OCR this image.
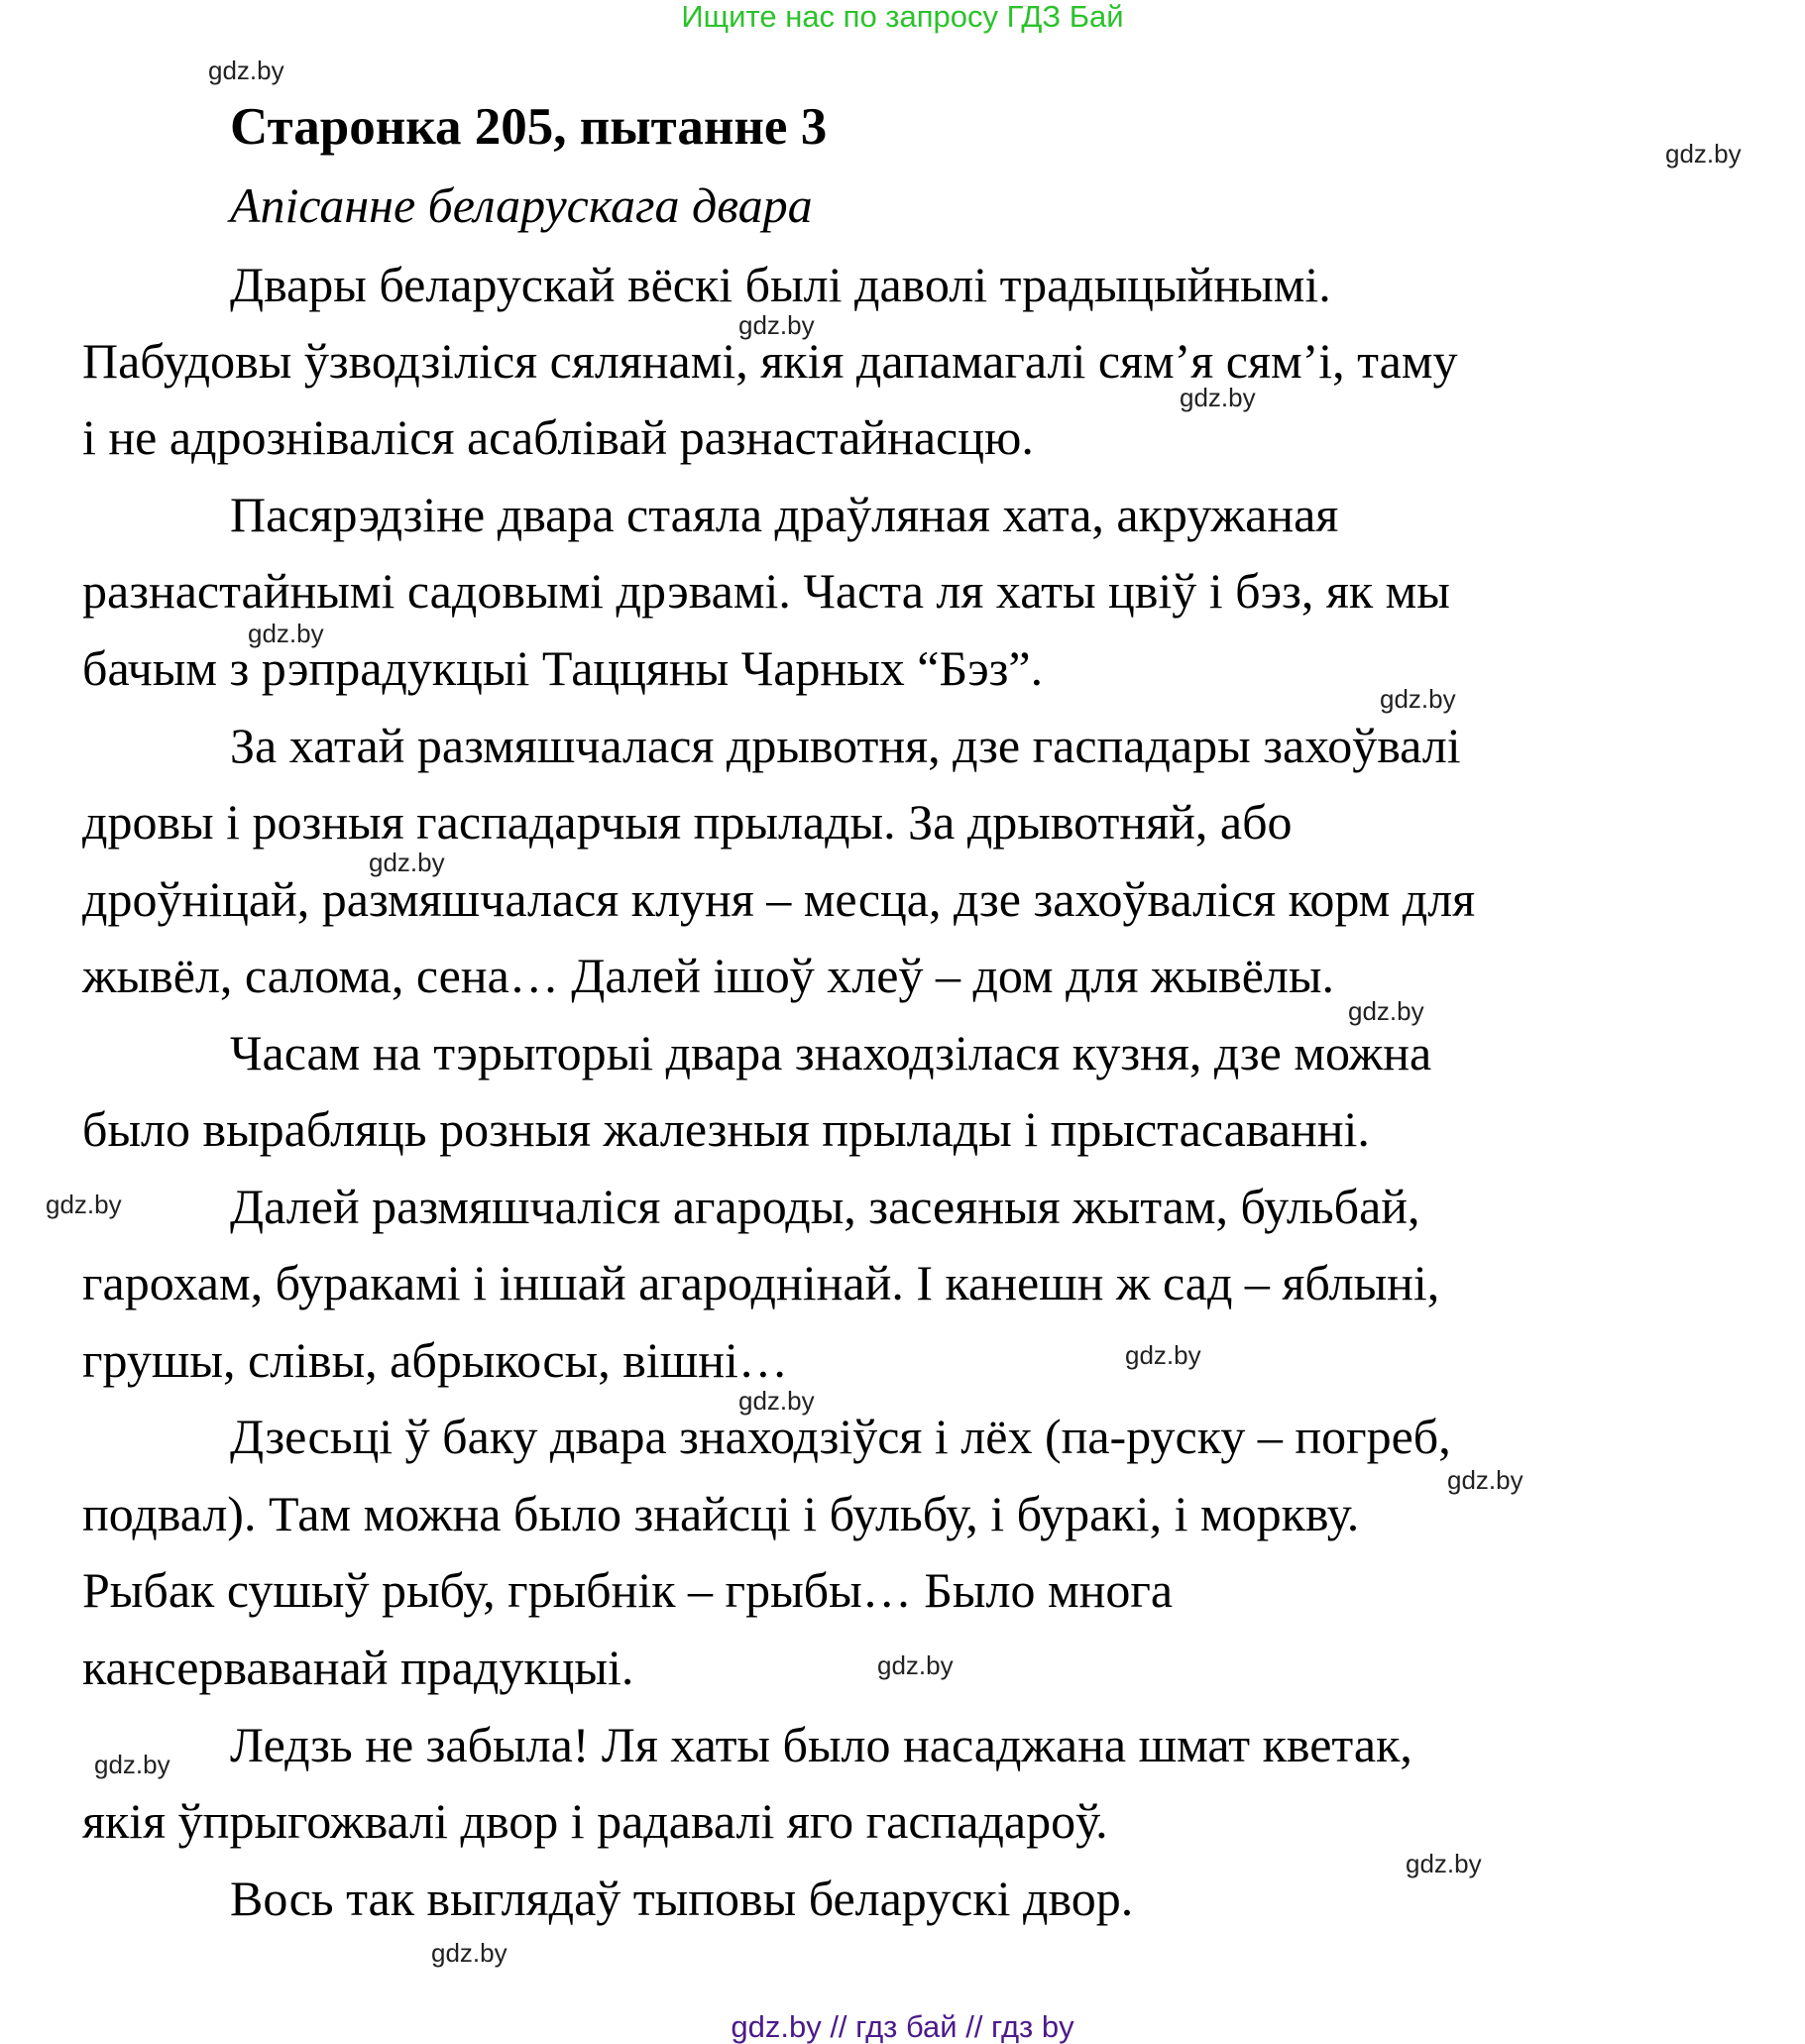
Ищите нас по запросу ГДЗ Бай
Старонка 205, пытанне 3
Апісанне беларускага двара
Двары беларускай вёскі былі даволі традыцыйнымі.
Пабудовы ўзводзіліся сялянамі, якія дапамагалі сям’я сям’і, таму
і не адрозніваліся асаблівай разнастайнасцю.
Пасярэдзіне двара стаяла драўляная хата, акружаная
разнастайнымі садовымі дрэвамі. Часта ля хаты цвіў і бэз, як мы
бачым з рэпрадукцыі Таццяны Чарных “Бэз”.
За хатай размяшчалася дрывотня, дзе гаспадары захоўвалі
дровы і розныя гаспадарчыя прылады. За дрывотняй, або
дроўніцай, размяшчалася клуня – месца, дзе захоўваліся корм для
жывёл, салома, сена… Далей ішоў хлеў – дом для жывёлы.
Часам на тэрыторыі двара знаходзілася кузня, дзе можна
было вырабляць розныя жалезныя прылады і прыстасаванні.
Далей размяшчаліся агароды, засеяныя жытам, бульбай,
гарохам, буракамі і іншай агароднінай. І канешн ж сад – яблыні,
грушы, слівы, абрыкосы, вішні…
Дзесьці ў баку двара знаходзіўся і лёх (па-руску – погреб,
подвал). Там можна было знайсці і бульбу, і буракі, і моркву.
Рыбак сушыў рыбу, грыбнік – грыбы… Было многа
кансерваванай прадукцыі.
Ледзь не забыла! Ля хаты было насаджана шмат кветак,
якія ўпрыгожвалі двор і радавалі яго гаспадароў.
Вось так выглядаў тыповы беларускі двор.
gdz.by
gdz.by
gdz.by
gdz.by
gdz.by
gdz.by
gdz.by
gdz.by
gdz.by
gdz.by
gdz.by
gdz.by
gdz.by
gdz.by
gdz.by
gdz.by
gdz.by // гдз бай // гдз by
